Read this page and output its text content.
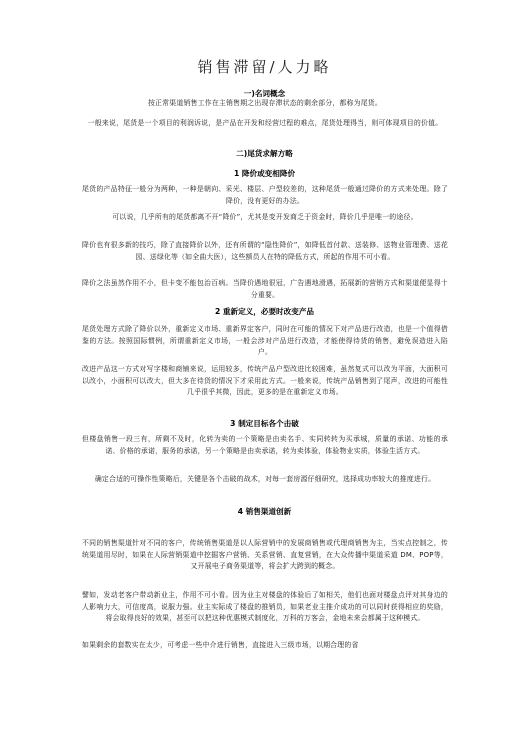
销售滞留/人力略
一)名词概念
按正常渠道销售工作在主销售期之出现存滞状态的剩余部分，都称为尾货。
一般来说，尾货是一个项目的利润诉说，是产品在开发和经营过程的难点，尾货处理得当，则可体现项目的价值。
二)尾货求解方略
1 降价或变相降价
尾货的产品特征一般分为两种，一种是朝向、采光、楼层、户型较差的，这种尾货一般通过降价的方式来处理。除了降价，没有更好的办法。
可以说，几乎所有的尾货都离不开“降价”，尤其是变开发商乏于资金时，降价几乎是唯一的途径。
降价也有很多新的技巧，除了直接降价以外，还有所谓的“隐性降价”，如降低首付款、送装修、送物业管理费、送花园、送绿化等（如全曲大医），这些额员人在特的降低方式，所起的作用不可小看。
降价之法虽然作用不小，但卡变不能包治百病。当降价遇地很冠，广告遇地滑遇，拓展新的营销方式和渠道便显得十分重要。
2 重新定义，必要时改变产品
尾货处理方式除了降价以外，重新定义市场、重新界定客户，同时在可能的情况下对产品进行改造，也是一个值得借鉴的方法。按照国际惯例，所谓重新定义市场，一般会涉对产品进行改造，才能使得待货的销售，避免误造进入陷户。
改进产品这一方式对写字楼和商铺来说，运用较多，传统产品户型改进比较困难，虽然复式可以改为平面，大面积可以改小，小面积可以改大，但大多在待货的情况下才采用此方式。一般来说，传统产品销售到了尾声，改进的可能性几乎很乎其微，因此，更多的是在重新定义市场。
3 制定目标各个击破
但楼盘销售一段三有，所剩不及时，化转为卖的一个策略是由卖名手、实同转转为买承城，质量的承诺、功能的承诺、价格的承诺，服务的承诺，另一个策略是由卖承诺，转为卖体验，体验物业实质，体验生活方式。
确定合适的可操作性策略后，关键是各个击破的战术，对每一套房源仔细研究，选择成功率较大的推度进行。
4 销售渠道创新
不同的销售渠道针对不同的客户，传统销售渠道是以人际营销中的发展商销售或代理商销售为主，当实点控制之，传统渠道用尽时，如果在人际营销渠道中挖掘客户营销、关系营销、直复营销，在大众传播中渠道采道 DM、POP等，又开展电子商务渠道等，将会扩大跨到的概念。
譬如，发动老客户带动新业主，作用不可小看。因为业主对楼盘的体验后了如相关，他们也面对楼盘点评对其身边的人影响力大，可信度高，说服力强。业主实际成了楼盘的推销员，如果老业主推介成功的可以同时获得相应的奖励，将会取得良好的效果，甚至可以把这种优惠模式制度化，万科的万客会，金地未来会都属于这种模式。
如果剩余的套数实在太少，可考虑一些中介进行销售，直接进入三级市场，以期合理的省
